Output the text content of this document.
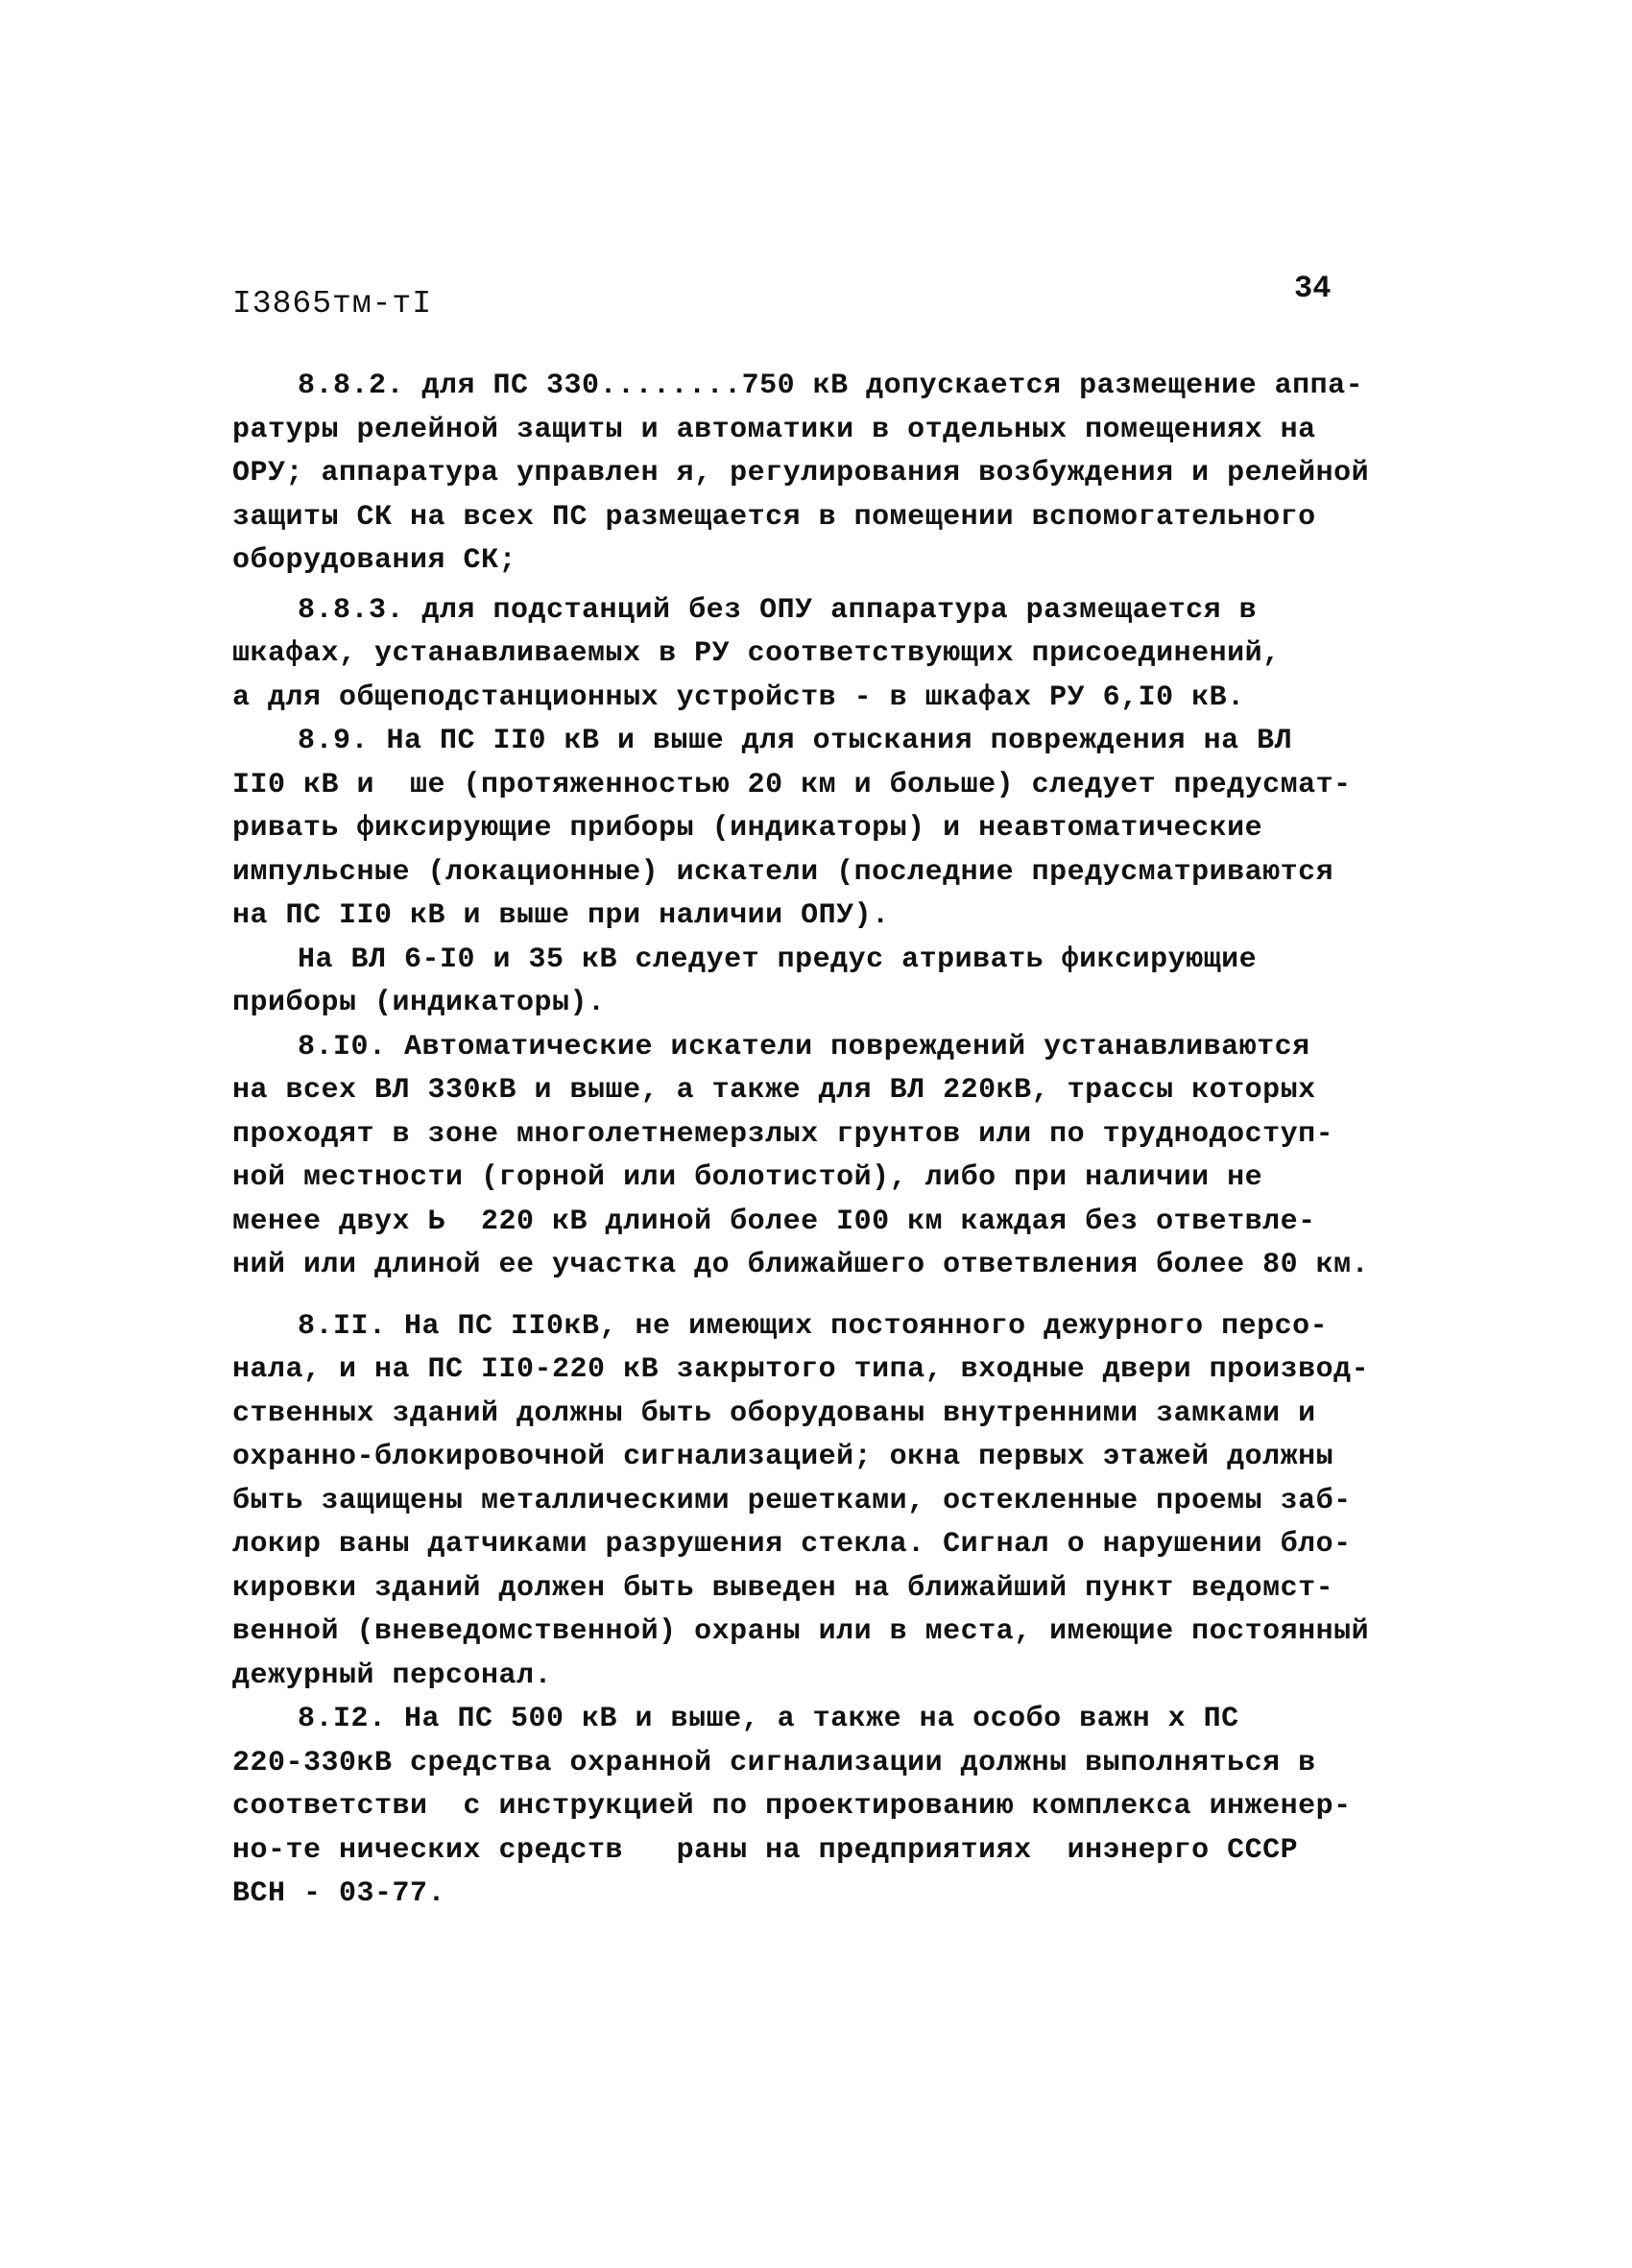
I3865тм-тI	34
8.8.2. для ПС 330........750 кВ допускается размещение аппа-
ратуры релейной защиты и автоматики в отдельных помещениях на
ОРУ; аппаратура управлен я, регулирования возбуждения и релейной
защиты СК на всех ПС размещается в помещении вспомогательного
оборудования СК;
8.8.3. для подстанций без ОПУ аппаратура размещается в
шкафах, устанавливаемых в РУ соответствующих присоединений,
а для общеподстанционных устройств - в шкафах РУ 6,I0 кВ.
8.9. На ПС II0 кВ и выше для отыскания повреждения на ВЛ
II0 кВ и  ше (протяженностью 20 км и больше) следует предусмат-
ривать фиксирующие приборы (индикаторы) и неавтоматические
импульсные (локационные) искатели (последние предусматриваются
на ПС II0 кВ и выше при наличии ОПУ).
На ВЛ 6-I0 и 35 кВ следует предус атривать фиксирующие
приборы (индикаторы).
8.I0. Автоматические искатели повреждений устанавливаются
на всех ВЛ 330кВ и выше, а также для ВЛ 220кВ, трассы которых
проходят в зоне многолетнемерзлых грунтов или по труднодоступ-
ной местности (горной или болотистой), либо при наличии не
менее двух Ь  220 кВ длиной более I00 км каждая без ответвле-
ний или длиной ее участка до ближайшего ответвления более 80 км.
8.II. На ПС II0кВ, не имеющих постоянного дежурного персо-
нала, и на ПС II0-220 кВ закрытого типа, входные двери производ-
ственных зданий должны быть оборудованы внутренними замками и
охранно-блокировочной сигнализацией; окна первых этажей должны
быть защищены металлическими решетками, остекленные проемы заб-
локир ваны датчиками разрушения стекла. Сигнал о нарушении бло-
кировки зданий должен быть выведен на ближайший пункт ведомст-
венной (вневедомственной) охраны или в места, имеющие постоянный
дежурный персонал.
8.I2. На ПС 500 кВ и выше, а также на особо важн х ПС
220-330кВ средства охранной сигнализации должны выполняться в
соответстви  с инструкцией по проектированию комплекса инженер-
но-те нических средств   раны на предприятиях  инэнерго СССР
ВСН - 03-77.
